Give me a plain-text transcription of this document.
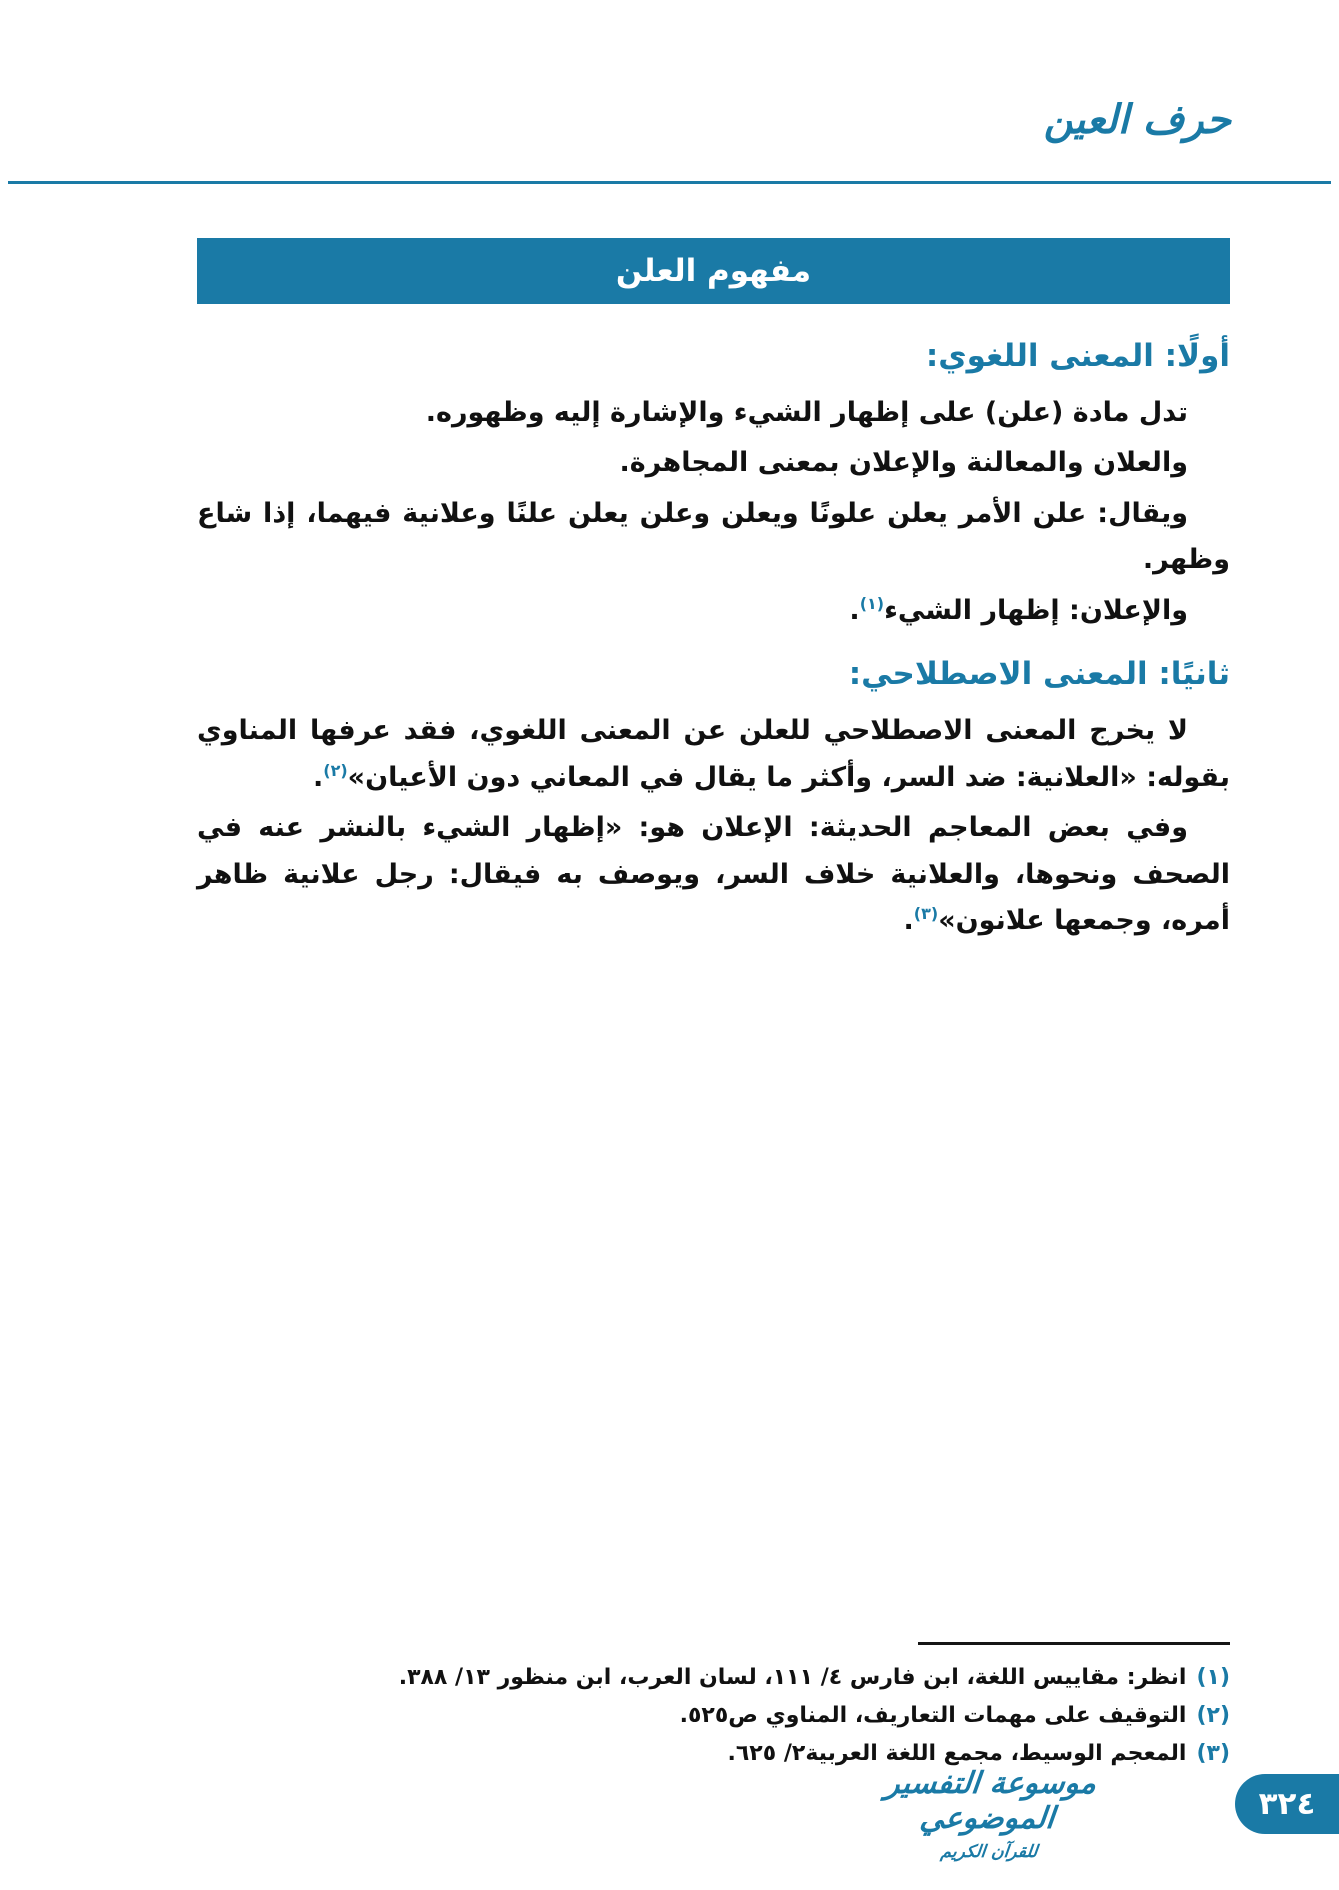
حرف العين
مفهوم العلن
أولًا: المعنى اللغوي:

تدل مادة (علن) على إظهار الشيء والإشارة إليه وظهوره.

والعلان والمعالنة والإعلان بمعنى المجاهرة.

ويقال: علن الأمر يعلن علونًا ويعلن وعلن يعلن علنًا وعلانية فيهما، إذا شاع وظهر.

والإعلان: إظهار الشيء$^{(١)}$.

ثانيًا: المعنى الاصطلاحي:

لا يخرج المعنى الاصطلاحي للعلن عن المعنى اللغوي، فقد عرفها المناوي بقوله: «العلانية: ضد السر، وأكثر ما يقال في المعاني دون الأعيان»$^{(٢)}$.

وفي بعض المعاجم الحديثة: الإعلان هو: «إظهار الشيء بالنشر عنه في الصحف ونحوها، والعلانية خلاف السر، ويوصف به فيقال: رجل علانية ظاهر أمره، وجمعها علانون»$^{(٣)}$.

(١)
انظر: مقاييس اللغة، ابن فارس ٤/ ١١١، لسان العرب، ابن منظور ١٣/ ٣٨٨.
(٢)
التوقيف على مهمات التعاريف، المناوي ص٥٢٥.
(٣)
المعجم الوسيط، مجمع اللغة العربية٢/ ٦٢٥.
موسوعة التفسير الموضوعي
للقرآن الكريم
٣٢٤
